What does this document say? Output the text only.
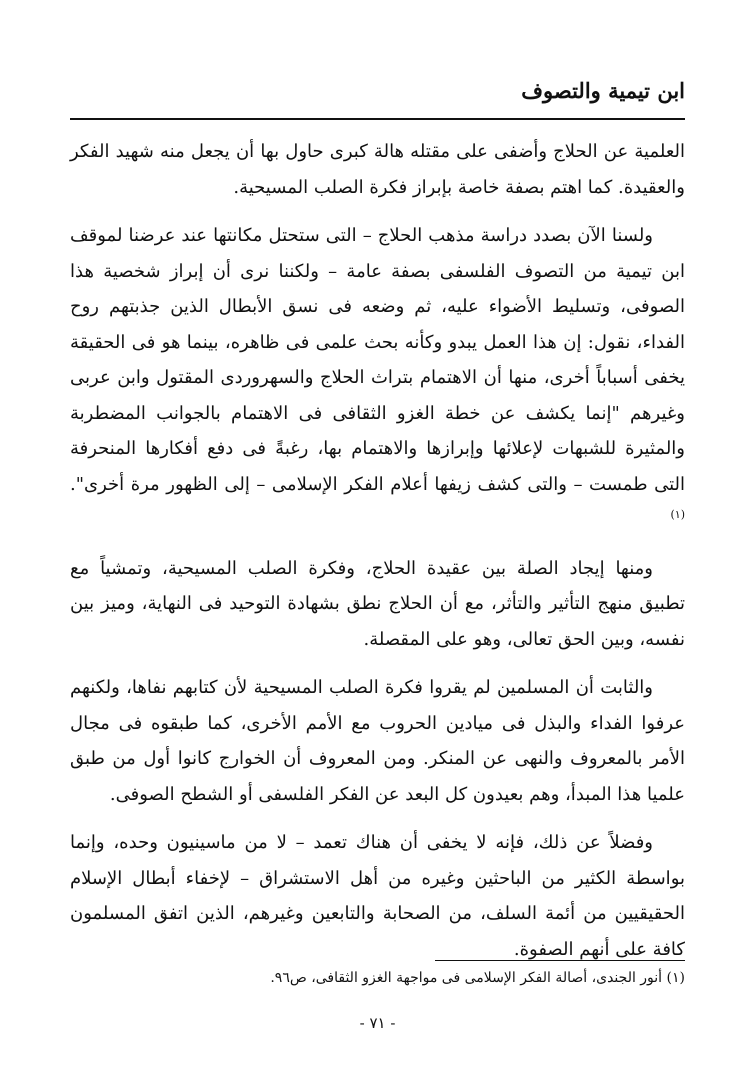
ابن تيمية والتصوف

العلمية عن الحلاج وأضفى على مقتله هالة كبرى حاول بها أن يجعل منه شهيد الفكر والعقيدة. كما اهتم بصفة خاصة بإبراز فكرة الصلب المسيحية.

ولسنا الآن بصدد دراسة مذهب الحلاج – التى ستحتل مكانتها عند عرضنا لموقف ابن تيمية من التصوف الفلسفى بصفة عامة – ولكننا نرى أن إبراز شخصية هذا الصوفى، وتسليط الأضواء عليه، ثم وضعه فى نسق الأبطال الذين جذبتهم روح الفداء، نقول: إن هذا العمل يبدو وكأنه بحث علمى فى ظاهره، بينما هو فى الحقيقة يخفى أسباباً أخرى، منها أن الاهتمام بتراث الحلاج والسهروردى المقتول وابن عربى وغيرهم "إنما يكشف عن خطة الغزو الثقافى فى الاهتمام بالجوانب المضطربة والمثيرة للشبهات لإعلائها وإبرازها والاهتمام بها، رغبةً فى دفع أفكارها المنحرفة التى طمست – والتى كشف زيفها أعلام الفكر الإسلامى – إلى الظهور مرة أخرى".$^{(١)}$

ومنها إيجاد الصلة بين عقيدة الحلاج، وفكرة الصلب المسيحية، وتمشياً مع تطبيق منهج التأثير والتأثر، مع أن الحلاج نطق بشهادة التوحيد فى النهاية، وميز بين نفسه، وبين الحق تعالى، وهو على المقصلة.

والثابت أن المسلمين لم يقروا فكرة الصلب المسيحية لأن كتابهم نفاها، ولكنهم عرفوا الفداء والبذل فى ميادين الحروب مع الأمم الأخرى، كما طبقوه فى مجال الأمر بالمعروف والنهى عن المنكر. ومن المعروف أن الخوارج كانوا أول من طبق علميا هذا المبدأ، وهم بعيدون كل البعد عن الفكر الفلسفى أو الشطح الصوفى.

وفضلاً عن ذلك، فإنه لا يخفى أن هناك تعمد – لا من ماسينيون وحده، وإنما بواسطة الكثير من الباحثين وغيره من أهل الاستشراق – لإخفاء أبطال الإسلام الحقيقيين من أئمة السلف، من الصحابة والتابعين وغيرهم، الذين اتفق المسلمون كافة على أنهم الصفوة.

(١) أنور الجندى، أصالة الفكر الإسلامى فى مواجهة الغزو الثقافى، ص٩٦.
- ٧١ -
